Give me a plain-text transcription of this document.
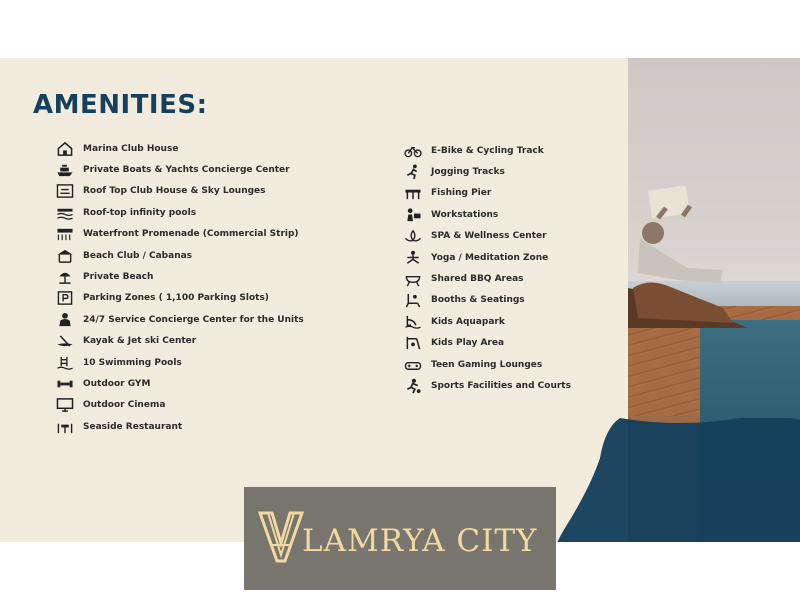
AMENITIES:
Marina Club House
Private Boats & Yachts Concierge Center
Roof Top Club House & Sky Lounges
Roof-top infinity pools
Waterfront Promenade (Commercial Strip)
Beach Club / Cabanas
Private Beach
Parking Zones ( 1,100 Parking Slots)
24/7 Service Concierge Center for the Units
Kayak & Jet ski Center
10 Swimming Pools
Outdoor GYM
Outdoor Cinema
Seaside Restaurant
E-Bike & Cycling Track
Jogging Tracks
Fishing Pier
Workstations
SPA & Wellness Center
Yoga / Meditation Zone
Shared BBQ Areas
Booths & Seatings
Kids Aquapark
Kids Play Area
Teen Gaming Lounges
Sports Facilities and Courts
LAMRYA CITY
